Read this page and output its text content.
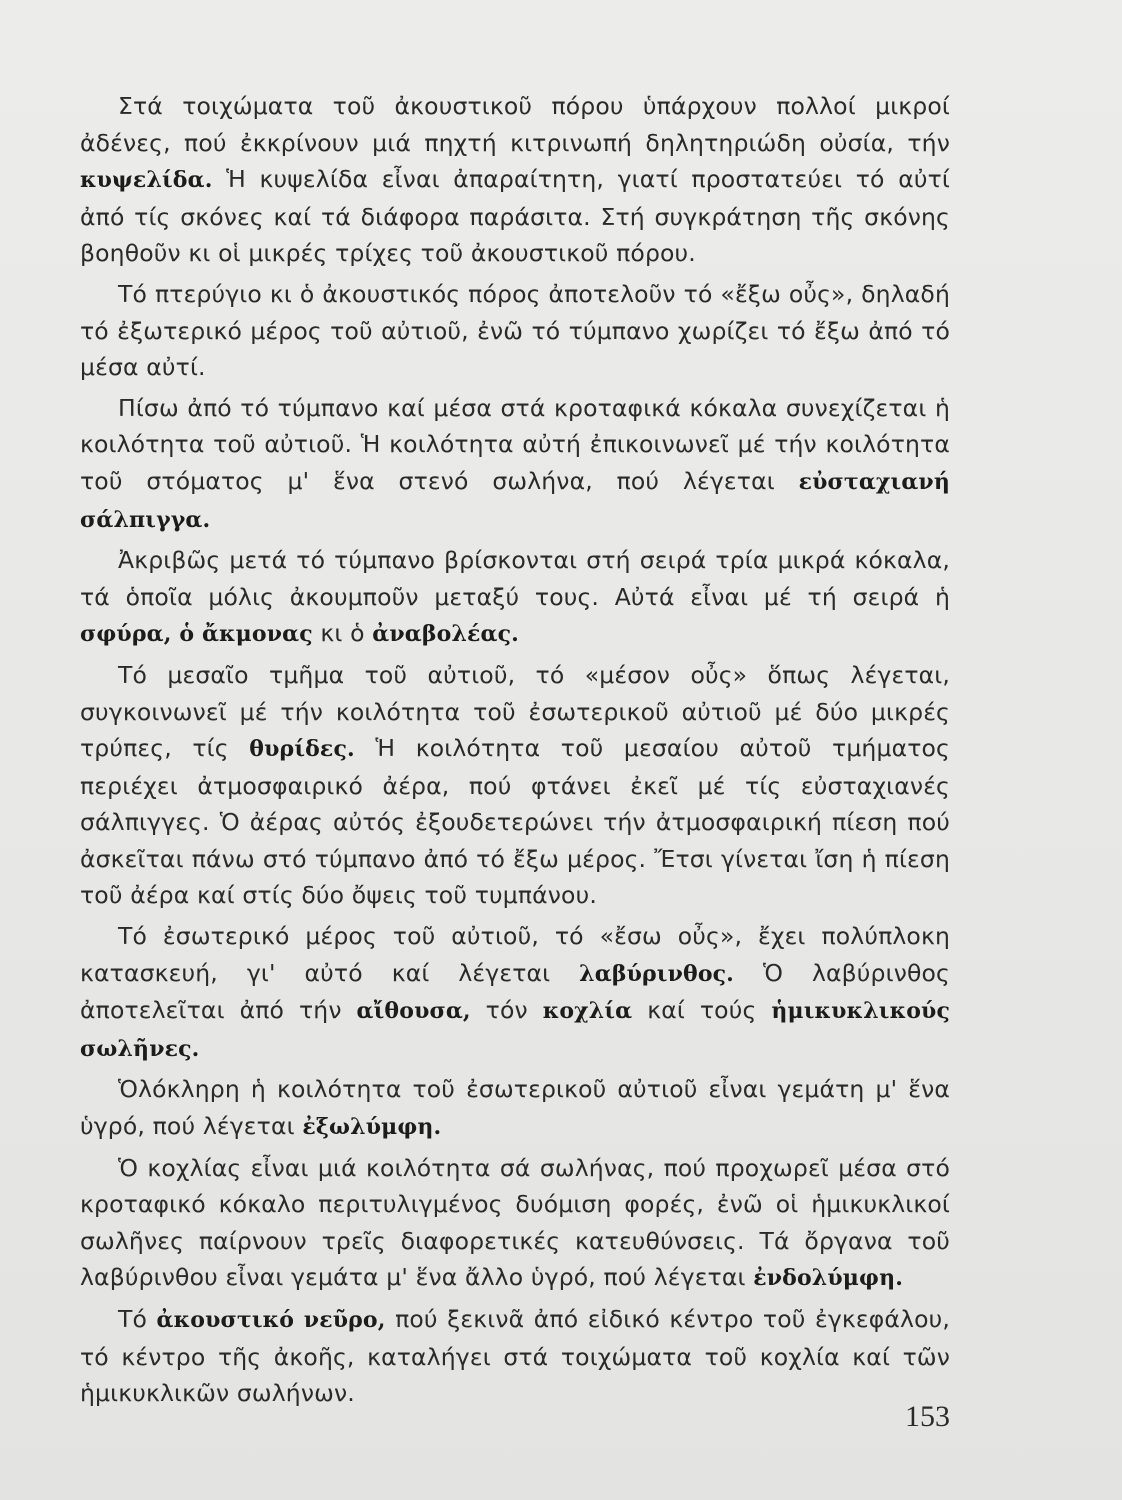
Στά τοιχώματα τοῦ ἀκουστικοῦ πόρου ὑπάρχουν πολλοί μικροί ἀδένες, πού ἐκκρίνουν μιά πηχτή κιτρινωπή δηλητηριώδη οὐσία, τήν κυψελίδα. Ἡ κυψελίδα εἶναι ἀπαραίτητη, γιατί προστατεύει τό αὐτί ἀπό τίς σκόνες καί τά διάφορα παράσιτα. Στή συγκράτηση τῆς σκόνης βοηθοῦν κι οἱ μικρές τρίχες τοῦ ἀκουστικοῦ πόρου.

Τό πτερύγιο κι ὁ ἀκουστικός πόρος ἀποτελοῦν τό «ἔξω οὖς», δηλαδή τό ἐξωτερικό μέρος τοῦ αὐτιοῦ, ἐνῶ τό τύμπανο χωρίζει τό ἔξω ἀπό τό μέσα αὐτί.

Πίσω ἀπό τό τύμπανο καί μέσα στά κροταφικά κόκαλα συνεχίζεται ἡ κοιλότητα τοῦ αὐτιοῦ. Ἡ κοιλότητα αὐτή ἐπικοινωνεῖ μέ τήν κοιλότητα τοῦ στόματος μ' ἕνα στενό σωλήνα, πού λέγεται εὐσταχιανή σάλπιγγα.

Ἀκριβῶς μετά τό τύμπανο βρίσκονται στή σειρά τρία μικρά κόκαλα, τά ὁποῖα μόλις ἀκουμποῦν μεταξύ τους. Αὐτά εἶναι μέ τή σειρά ἡ σφύρα, ὁ ἄκμονας κι ὁ ἀναβολέας.

Τό μεσαῖο τμῆμα τοῦ αὐτιοῦ, τό «μέσον οὖς» ὅπως λέγεται, συγκοινωνεῖ μέ τήν κοιλότητα τοῦ ἐσωτερικοῦ αὐτιοῦ μέ δύο μικρές τρύπες, τίς θυρίδες. Ἡ κοιλότητα τοῦ μεσαίου αὐτοῦ τμήματος περιέχει ἀτμοσφαιρικό ἀέρα, πού φτάνει ἐκεῖ μέ τίς εὐσταχιανές σάλπιγγες. Ὁ ἀέρας αὐτός ἐξουδετερώνει τήν ἀτμοσφαιρική πίεση πού ἀσκεῖται πάνω στό τύμπανο ἀπό τό ἔξω μέρος. Ἔτσι γίνεται ἴση ἡ πίεση τοῦ ἀέρα καί στίς δύο ὄψεις τοῦ τυμπάνου.

Τό ἐσωτερικό μέρος τοῦ αὐτιοῦ, τό «ἔσω οὖς», ἔχει πολύπλοκη κατασκευή, γι' αὐτό καί λέγεται λαβύρινθος. Ὁ λαβύρινθος ἀποτελεῖται ἀπό τήν αἴθουσα, τόν κοχλία καί τούς ἡμικυκλικούς σωλῆνες.

Ὁλόκληρη ἡ κοιλότητα τοῦ ἐσωτερικοῦ αὐτιοῦ εἶναι γεμάτη μ' ἕνα ὑγρό, πού λέγεται ἐξωλύμφη.

Ὁ κοχλίας εἶναι μιά κοιλότητα σά σωλήνας, πού προχωρεῖ μέσα στό κροταφικό κόκαλο περιτυλιγμένος δυόμιση φορές, ἐνῶ οἱ ἡμικυκλικοί σωλῆνες παίρνουν τρεῖς διαφορετικές κατευθύνσεις. Τά ὄργανα τοῦ λαβύρινθου εἶναι γεμάτα μ' ἕνα ἄλλο ὑγρό, πού λέγεται ἐνδολύμφη.

Τό ἀκουστικό νεῦρο, πού ξεκινᾶ ἀπό εἰδικό κέντρο τοῦ ἐγκεφάλου, τό κέντρο τῆς ἀκοῆς, καταλήγει στά τοιχώματα τοῦ κοχλία καί τῶν ἡμικυκλικῶν σωλήνων.

153
